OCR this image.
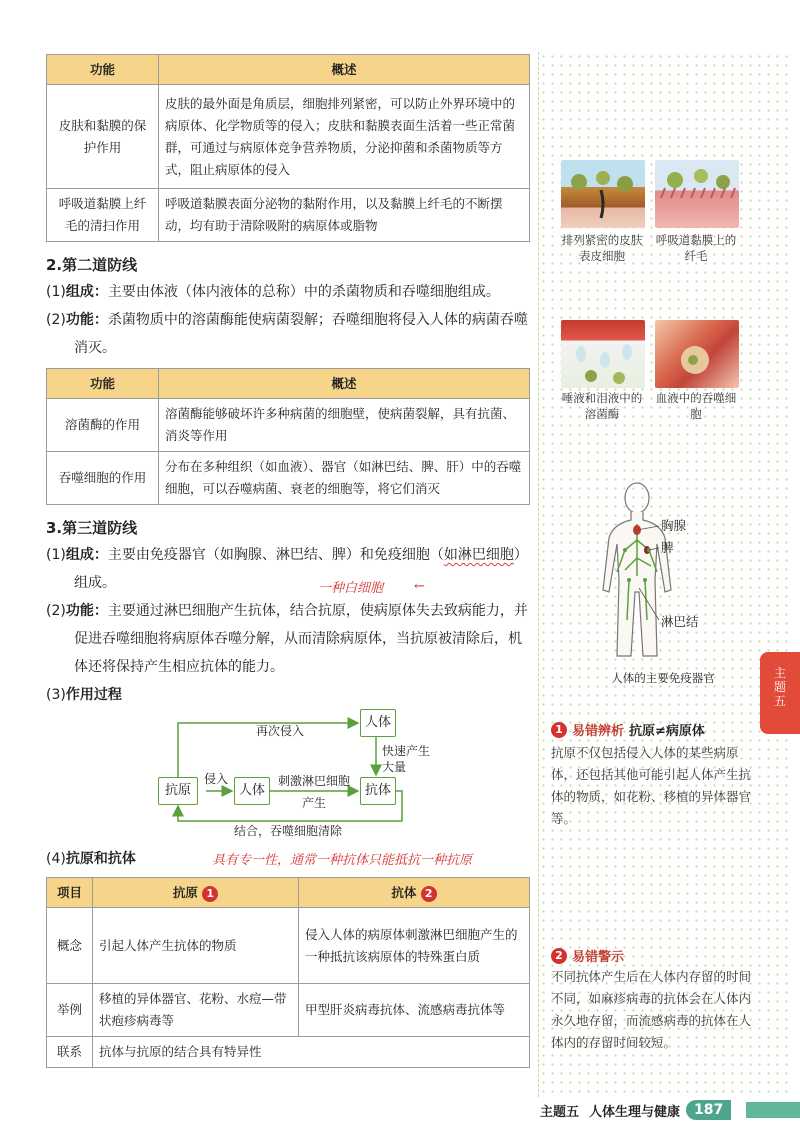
功能	概述
皮肤和黏膜的保护作用	皮肤的最外面是角质层，细胞排列紧密，可以防止外界环境中的病原体、化学物质等的侵入；皮肤和黏膜表面生活着一些正常菌群，可通过与病原体竞争营养物质，分泌抑菌和杀菌物质等方式，阻止病原体的侵入
呼吸道黏膜上纤毛的清扫作用	呼吸道黏膜表面分泌物的黏附作用，以及黏膜上纤毛的不断摆动，均有助于清除吸附的病原体或脂物
2.第二道防线
(1)组成：主要由体液（体内液体的总称）中的杀菌物质和吞噬细胞组成。
(2)功能：杀菌物质中的溶菌酶能使病菌裂解；吞噬细胞将侵入人体的病菌吞噬消灭。
功能	概述
溶菌酶的作用	溶菌酶能够破坏许多种病菌的细胞壁，使病菌裂解，具有抗菌、消炎等作用
吞噬细胞的作用	分布在多种组织（如血液）、器官（如淋巴结、脾、肝）中的吞噬细胞，可以吞噬病菌、衰老的细胞等，将它们消灭
3.第三道防线
(1)组成：主要由免疫器官（如胸腺、淋巴结、脾）和免疫细胞（如淋巴细胞）组成。	一种白细胞 ←
(2)功能：主要通过淋巴细胞产生抗体，结合抗原，使病原体失去致病能力，并促进吞噬细胞将病原体吞噬分解，从而清除病原体，当抗原被清除后，机体还将保持产生相应抗体的能力。
(3)作用过程
抗原	人体
人体
抗体
侵入
再次侵入
快速产生大量
刺激淋巴细胞
产生
结合，吞噬细胞清除
(4)抗原和抗体	具有专一性，通常一种抗体只能抵抗一种抗原
项目	抗原 1	抗体 2
概念	引起人体产生抗体的物质	侵入人体的病原体刺激淋巴细胞产生的一种抵抗该病原体的特殊蛋白质
举例	移植的异体器官、花粉、水痘—带状疱疹病毒等	甲型肝炎病毒抗体、流感病毒抗体等
联系	抗体与抗原的结合具有特异性	
排列紧密的皮肤表皮细胞
呼吸道黏膜上的纤毛
唾液和泪液中的溶菌酶
血液中的吞噬细胞
胸腺
脾
淋巴结
人体的主要免疫器官
1 易错辨析 抗原≠病原体
抗原不仅包括侵入人体的某些病原体，还包括其他可能引起人体产生抗体的物质，如花粉、移植的异体器官等。
2 易错警示
不同抗体产生后在人体内存留的时间不同，如麻疹病毒的抗体会在人体内永久地存留，而流感病毒的抗体在人体内的存留时间较短。
主题五
主题五 人体生理与健康	187
